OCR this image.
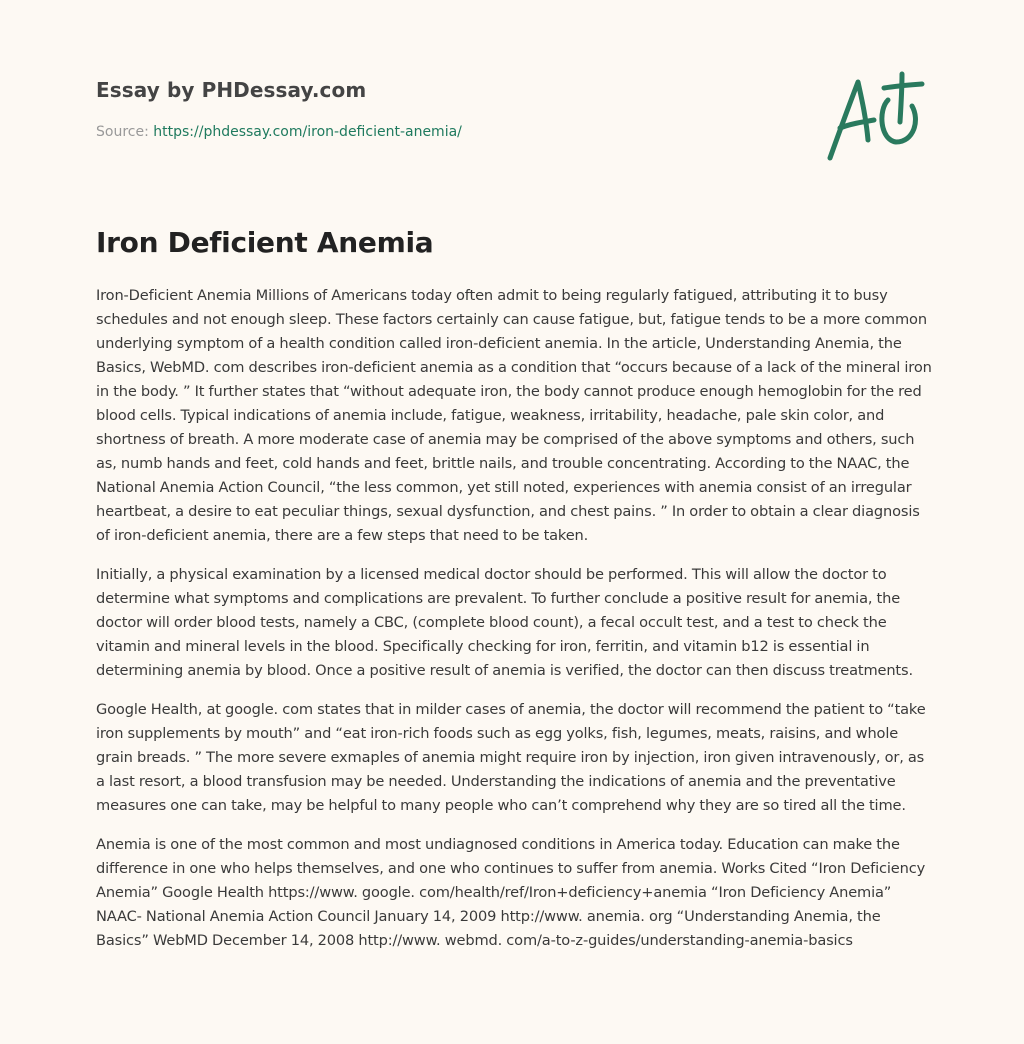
Essay by PHDessay.com
Source: https://phdessay.com/iron-deficient-anemia/
Iron Deficient Anemia

Iron-Deficient Anemia Millions of Americans today often admit to being regularly fatigued, attributing it to busy schedules and not enough sleep. These factors certainly can cause fatigue, but, fatigue tends to be a more common underlying symptom of a health condition called iron-deficient anemia. In the article, Understanding Anemia, the Basics, WebMD. com describes iron-deficient anemia as a condition that “occurs because of a lack of the mineral iron in the body. ” It further states that “without adequate iron, the body cannot produce enough hemoglobin for the red blood cells. Typical indications of anemia include, fatigue, weakness, irritability, headache, pale skin color, and shortness of breath. A more moderate case of anemia may be comprised of the above symptoms and others, such as, numb hands and feet, cold hands and feet, brittle nails, and trouble concentrating. According to the NAAC, the National Anemia Action Council, “the less common, yet still noted, experiences with anemia consist of an irregular heartbeat, a desire to eat peculiar things, sexual dysfunction, and chest pains. ” In order to obtain a clear diagnosis of iron-deficient anemia, there are a few steps that need to be taken.

Initially, a physical examination by a licensed medical doctor should be performed. This will allow the doctor to determine what symptoms and complications are prevalent. To further conclude a positive result for anemia, the doctor will order blood tests, namely a CBC, (complete blood count), a fecal occult test, and a test to check the vitamin and mineral levels in the blood. Specifically checking for iron, ferritin, and vitamin b12 is essential in determining anemia by blood. Once a positive result of anemia is verified, the doctor can then discuss treatments.

Google Health, at google. com states that in milder cases of anemia, the doctor will recommend the patient to “take iron supplements by mouth” and “eat iron-rich foods such as egg yolks, fish, legumes, meats, raisins, and whole grain breads. ” The more severe exmaples of anemia might require iron by injection, iron given intravenously, or, as a last resort, a blood transfusion may be needed. Understanding the indications of anemia and the preventative measures one can take, may be helpful to many people who can’t comprehend why they are so tired all the time.

Anemia is one of the most common and most undiagnosed conditions in America today. Education can make the difference in one who helps themselves, and one who continues to suffer from anemia. Works Cited “Iron Deficiency Anemia” Google Health https://www. google. com/health/ref/Iron+deficiency+anemia “Iron Deficiency Anemia” NAAC- National Anemia Action Council January 14, 2009 http://www. anemia. org “Understanding Anemia, the Basics” WebMD December 14, 2008 http://www. webmd. com/a-to-z-guides/understanding-anemia-basics
